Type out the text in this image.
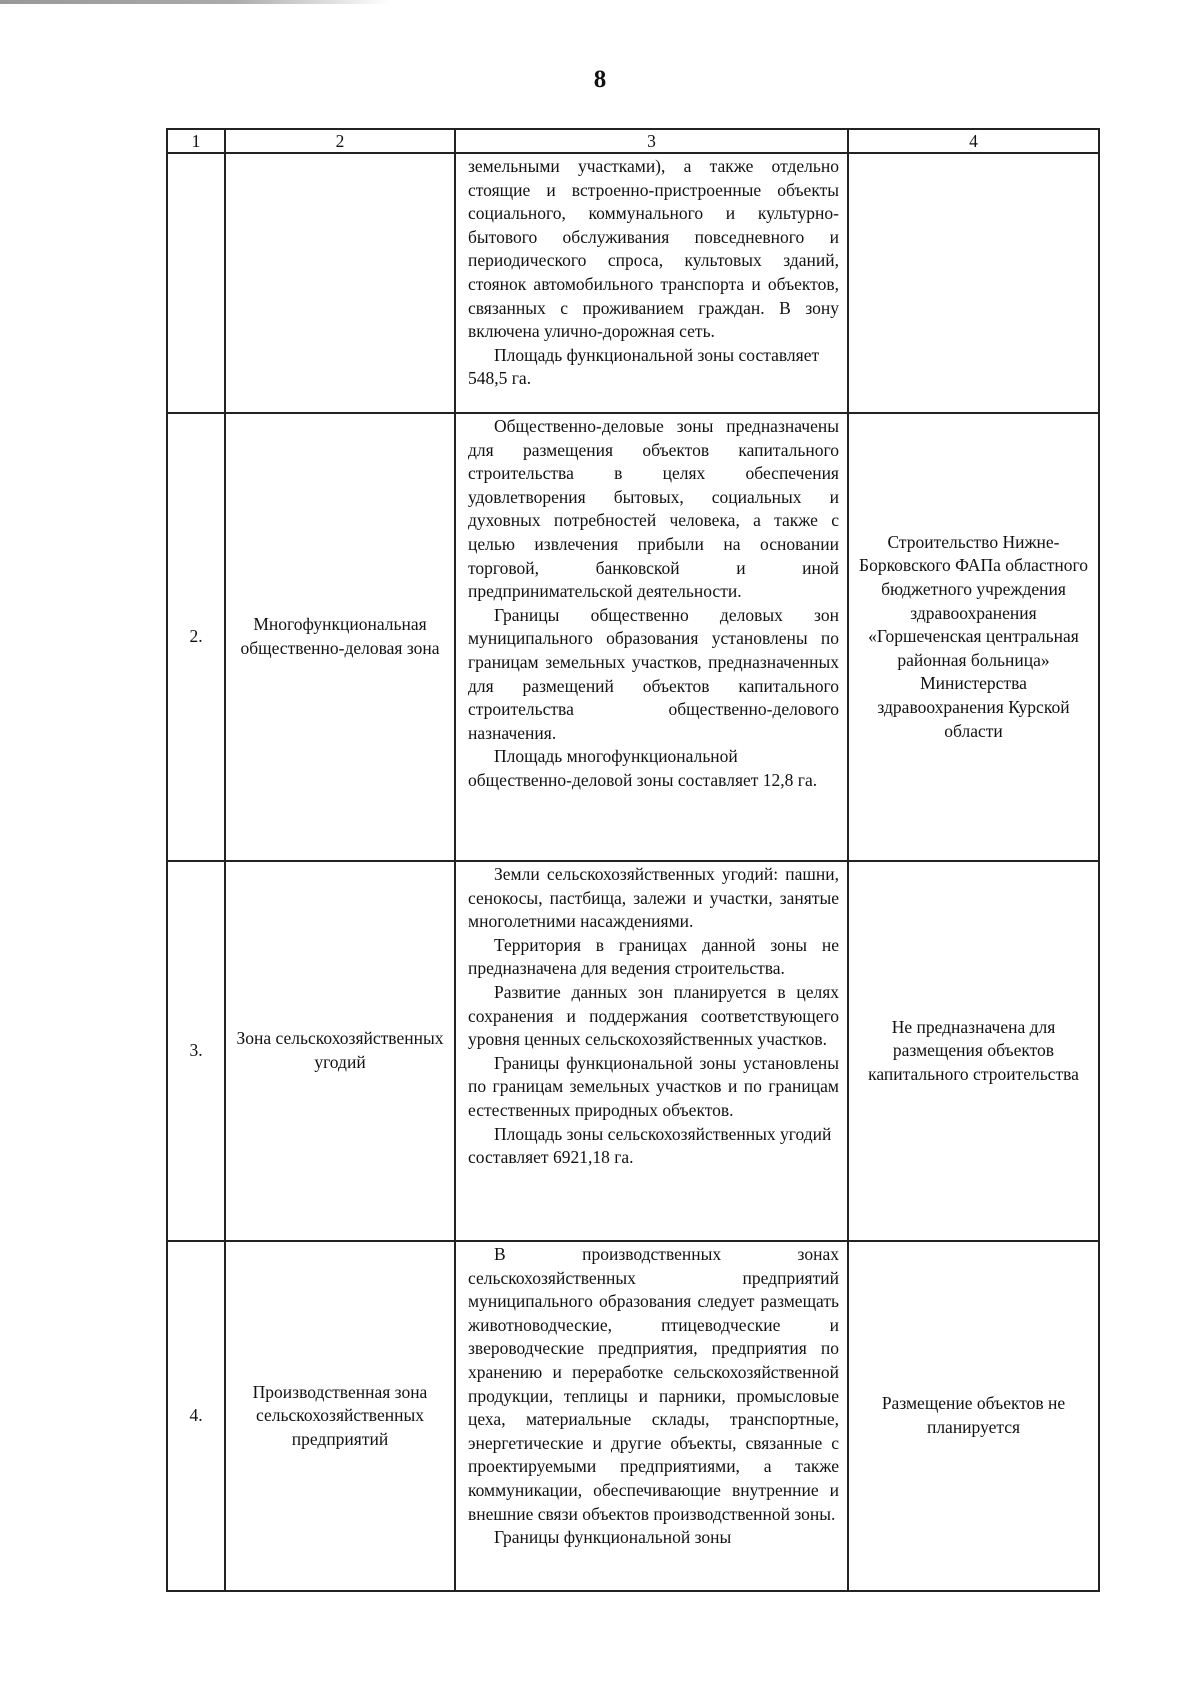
8
1	2	3	4

		земельными участками), а также отдельно стоящие и встроенно-пристроенные объекты социального, коммунального и культурно-бытового обслуживания повседневного и периодического спроса, культовых зданий, стоянок автомобильного транспорта и объектов, связанных с проживанием граждан. В зону включена улично-дорожная сеть.
Площадь функциональной зоны составляет 548,5 га.	

2.	Многофункциональная общественно-деловая зона	Общественно-деловые зоны предназначены для размещения объектов капитального строительства в целях обеспечения удовлетворения бытовых, социальных и духовных потребностей человека, а также с целью извлечения прибыли на основании торговой, банковской и иной предпринимательской деятельности.
Границы общественно деловых зон муниципального образования установлены по границам земельных участков, предназначенных для размещений объектов капитального строительства общественно-делового назначения.
Площадь многофункциональной общественно-деловой зоны составляет 12,8 га.	Строительство Нижне-Борковского ФАПа областного бюджетного учреждения здравоохранения «Горшеченская центральная районная больница» Министерства здравоохранения Курской области
3.	Зона сельскохозяйственных угодий	Земли сельскохозяйственных угодий: пашни, сенокосы, пастбища, залежи и участки, занятые многолетними насаждениями.
Территория в границах данной зоны не предназначена для ведения строительства.
Развитие данных зон планируется в целях сохранения и поддержания соответствующего уровня ценных сельскохозяйственных участков.
Границы функциональной зоны установлены по границам земельных участков и по границам естественных природных объектов.
Площадь зоны сельскохозяйственных угодий составляет 6921,18 га.	Не предназначена для размещения объектов капитального строительства
4.	Производственная зона сельскохозяйственных предприятий	В производственных зонах сельскохозяйственных предприятий муниципального образования следует размещать животноводческие, птицеводческие и звероводческие предприятия, предприятия по хранению и переработке сельскохозяйственной продукции, теплицы и парники, промысловые цеха, материальные склады, транспортные, энергетические и другие объекты, связанные с проектируемыми предприятиями, а также коммуникации, обеспечивающие внутренние и внешние связи объектов производственной зоны.
Границы функциональной зоны	Размещение объектов не планируется
